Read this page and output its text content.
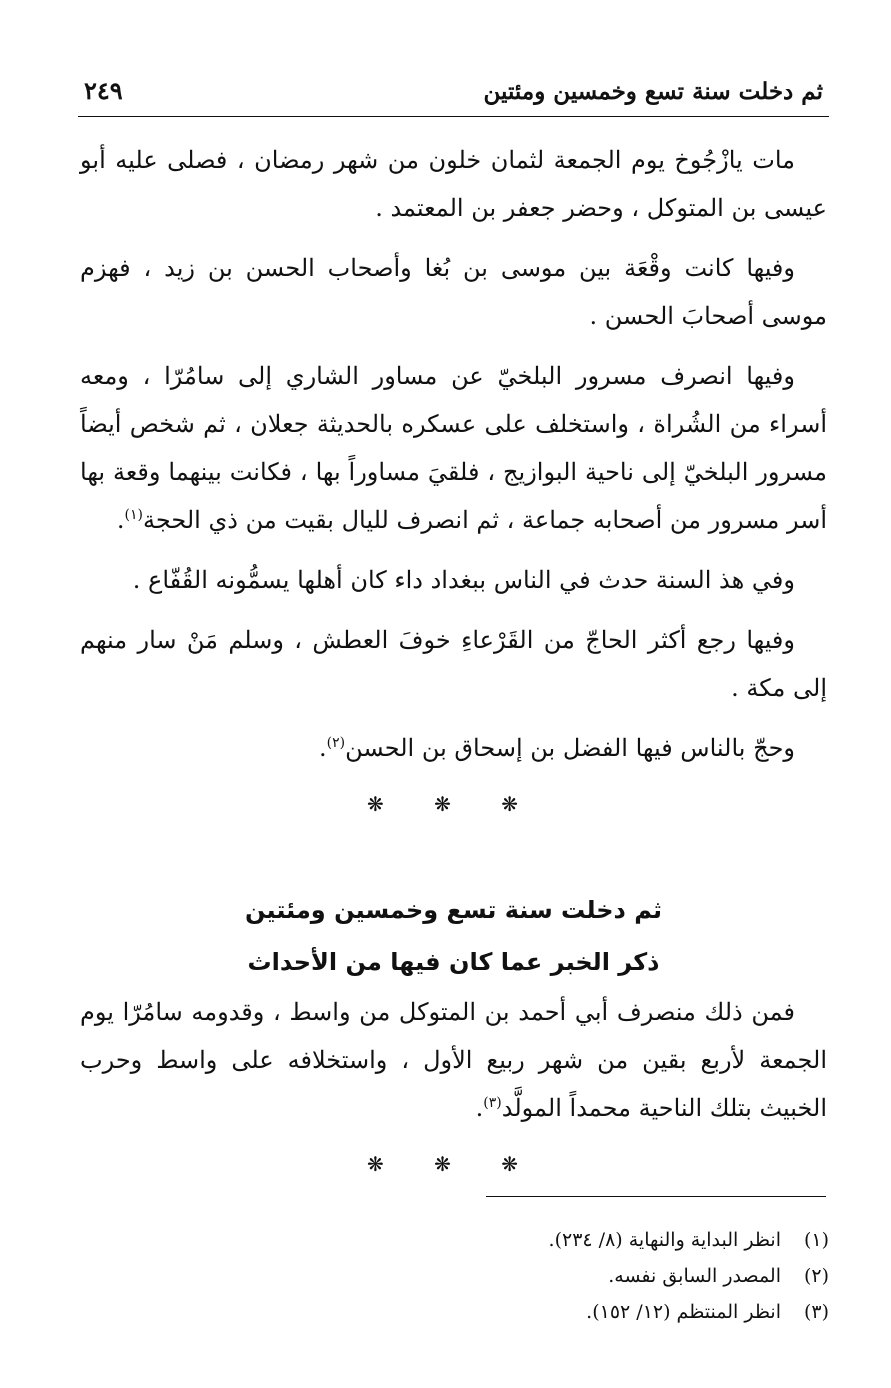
ثم دخلت سنة تسع وخمسين ومئتين
٢٤٩

مات يازْجُوخ يوم الجمعة لثمان خلون من شهر رمضان ، فصلى عليه أبو عيسى بن المتوكل ، وحضر جعفر بن المعتمد .

وفيها كانت وقْعَة بين موسى بن بُغا وأصحاب الحسن بن زيد ، فهزم موسى أصحابَ الحسن .

وفيها انصرف مسرور البلخيّ عن مساور الشاري إلى سامُرّا ، ومعه أسراء من الشُراة ، واستخلف على عسكره بالحديثة جعلان ، ثم شخص أيضاً مسرور البلخيّ إلى ناحية البوازيج ، فلقيَ مساوراً بها ، فكانت بينهما وقعة بها أسر مسرور من أصحابه جماعة ، ثم انصرف لليال بقيت من ذي الحجة$^{(١)}$.

وفي هذ السنة حدث في الناس ببغداد داء كان أهلها يسمُّونه القُفّاع .

وفيها رجع أكثر الحاجّ من القَرْعاءِ خوفَ العطش ، وسلم مَنْ سار منهم إلى مكة .

وحجّ بالناس فيها الفضل بن إسحاق بن الحسن$^{(٢)}$.

❋ ❋ ❋

ثم دخلت سنة تسع وخمسين ومئتين

ذكر الخبر عما كان فيها من الأحداث

فمن ذلك منصرف أبي أحمد بن المتوكل من واسط ، وقدومه سامُرّا يوم الجمعة لأربع بقين من شهر ربيع الأول ، واستخلافه على واسط وحرب الخبيث بتلك الناحية محمداً المولَّد$^{(٣)}$.

❋ ❋ ❋
(١)
انظر البداية والنهاية (٨/ ٢٣٤).
(٢)
المصدر السابق نفسه.
(٣)
انظر المنتظم (١٢/ ١٥٢).
